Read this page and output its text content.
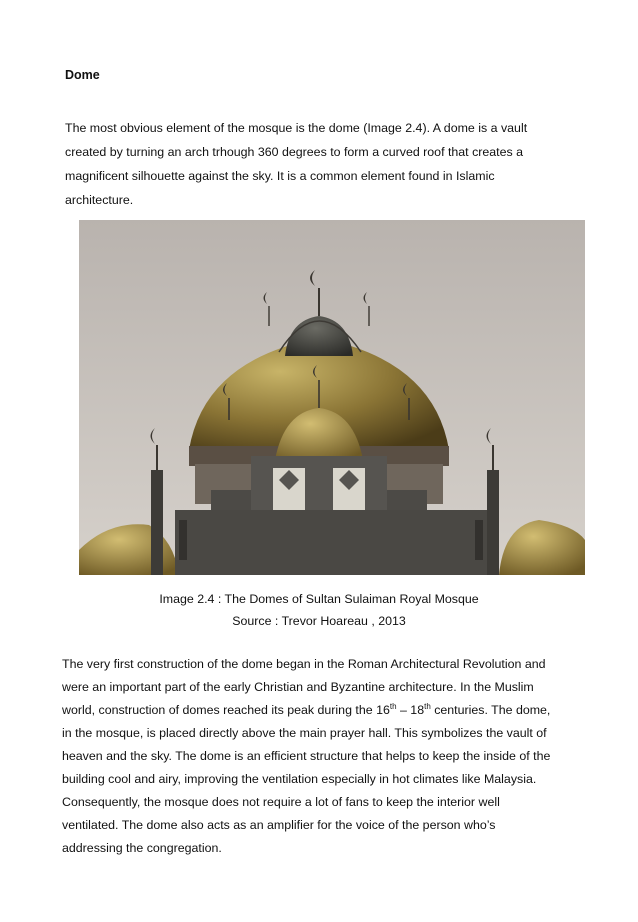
Dome

The most obvious element of the mosque is the dome (Image 2.4). A dome is a vault
created by turning an arch trhough 360 degrees to form a curved roof that creates a
magnificent silhouette against the sky. It is a common element found in Islamic
architecture.

Image 2.4 : The Domes of Sultan Sulaiman Royal Mosque

Source : Trevor Hoareau , 2013

The very first construction of the dome began in the Roman Architectural Revolution and
were an important part of the early Christian and Byzantine architecture. In the Muslim
world, construction of domes reached its peak during the 16th – 18th centuries. The dome,
in the mosque, is placed directly above the main prayer hall. This symbolizes the vault of
heaven and the sky. The dome is an efficient structure that helps to keep the inside of the
building cool and airy, improving the ventilation especially in hot climates like Malaysia.
Consequently, the mosque does not require a lot of fans to keep the interior well
ventilated. The dome also acts as an amplifier for the voice of the person who’s
addressing the congregation.
